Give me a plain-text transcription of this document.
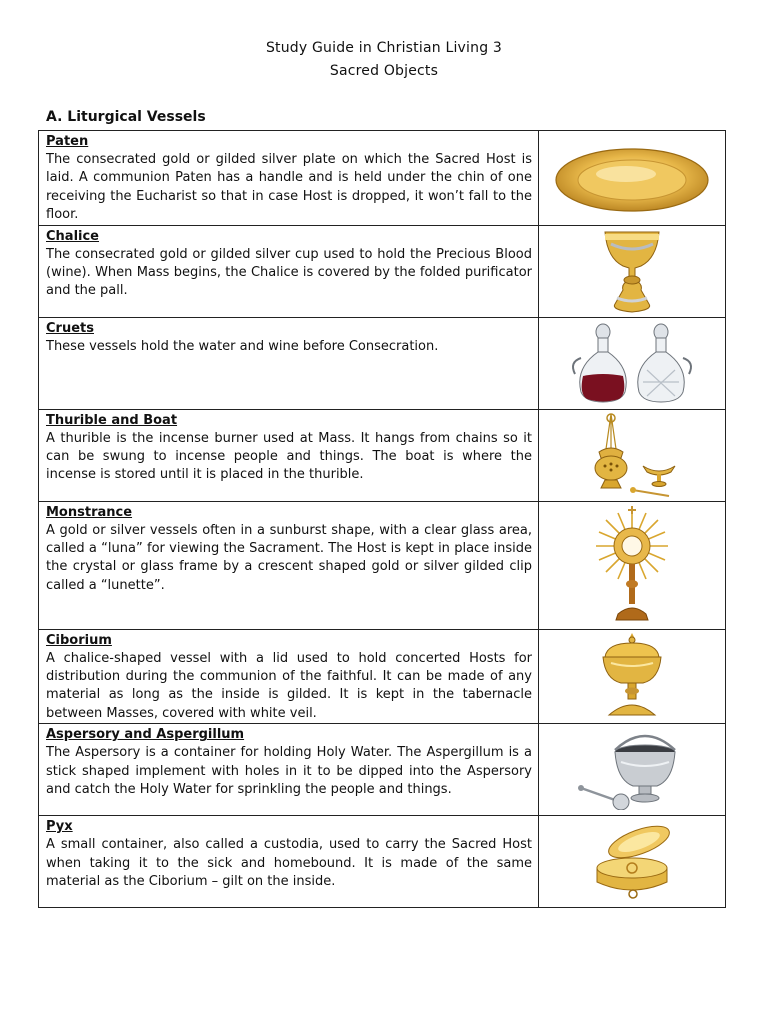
Study Guide in Christian Living 3
Sacred Objects
A. Liturgical Vessels
Paten
The consecrated gold or gilded silver plate on which the Sacred Host is laid. A communion Paten has a handle and is held under the chin of one receiving the Eucharist so that in case Host is dropped, it won’t fall to the floor.

Chalice
The consecrated gold or gilded silver cup used to hold the Precious Blood (wine). When Mass begins, the Chalice is covered by the folded purificator and the pall.

Cruets
These vessels hold the water and wine before Consecration.

Thurible and Boat
A thurible is the incense burner used at Mass. It hangs from chains so it can be swung to incense people and things. The boat is where the incense is stored until it is placed in the thurible.

Monstrance
A gold or silver vessels often in a sunburst shape, with a clear glass area, called a “luna” for viewing the Sacrament. The Host is kept in place inside the crystal or glass frame by a crescent shaped gold or silver gilded clip called a “lunette”.

Ciborium
A chalice-shaped vessel with a lid used to hold concerted Hosts for distribution during the communion of the faithful. It can be made of any material as long as the inside is gilded. It is kept in the tabernacle between Masses, covered with white veil.

Aspersory and Aspergillum
The Aspersory is a container for holding Holy Water. The Aspergillum is a stick shaped implement with holes in it to be dipped into the Aspersory and catch the Holy Water for sprinkling the people and things.

Pyx
A small container, also called a custodia, used to carry the Sacred Host when taking it to the sick and homebound. It is made of the same material as the Ciborium – gilt on the inside.
